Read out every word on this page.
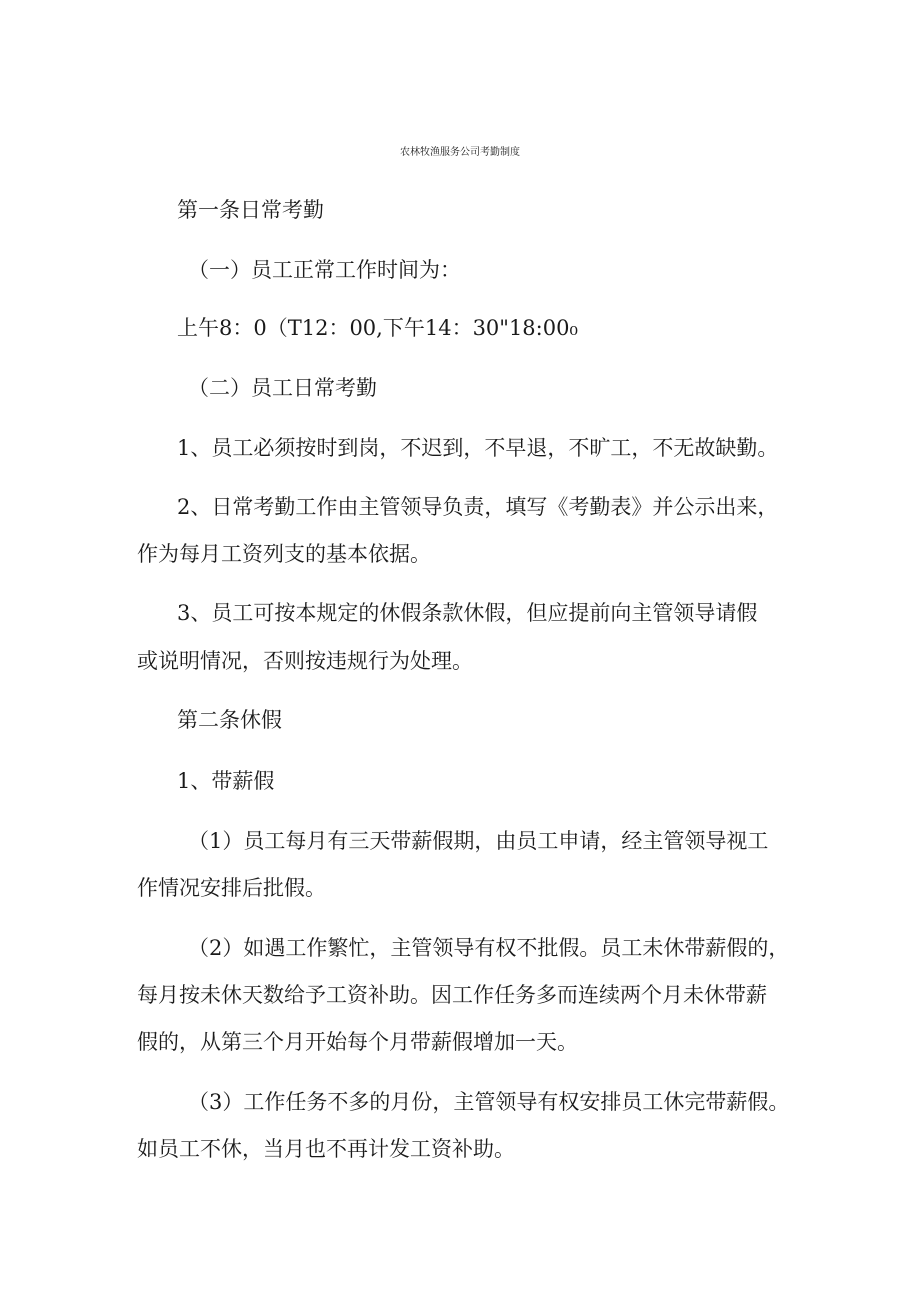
农林牧渔服务公司考勤制度
第一条日常考勤
（一）员工正常工作时间为：
上午8：0（T12：00,下午14：30"18:00₀
（二）员工日常考勤
1、员工必须按时到岗，不迟到，不早退，不旷工，不无故缺勤。
2、日常考勤工作由主管领导负责，填写《考勤表》并公示出来，
作为每月工资列支的基本依据。
3、员工可按本规定的休假条款休假，但应提前向主管领导请假
或说明情况，否则按违规行为处理。
第二条休假
1、带薪假
（1）员工每月有三天带薪假期，由员工申请，经主管领导视工
作情况安排后批假。
（2）如遇工作繁忙，主管领导有权不批假。员工未休带薪假的，
每月按未休天数给予工资补助。因工作任务多而连续两个月未休带薪
假的，从第三个月开始每个月带薪假增加一天。
（3）工作任务不多的月份，主管领导有权安排员工休完带薪假。
如员工不休，当月也不再计发工资补助。
